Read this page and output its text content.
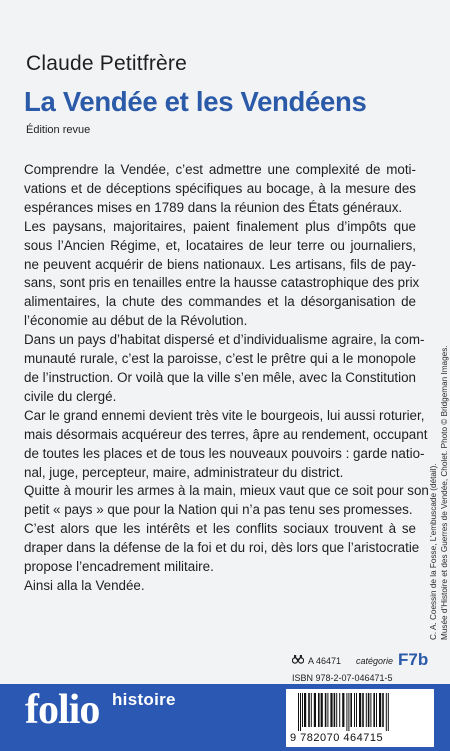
Claude Petitfrère
La Vendée et les Vendéens
Édition revue
Comprendre la Vendée, c’est admettre une complexité de moti-
vations et de déceptions spécifiques au bocage, à la mesure des
espérances mises en 1789 dans la réunion des États généraux.
Les paysans, majoritaires, paient finalement plus d’impôts que
sous l’Ancien Régime, et, locataires de leur terre ou journaliers,
ne peuvent acquérir de biens nationaux. Les artisans, fils de pay-
sans, sont pris en tenailles entre la hausse catastrophique des prix
alimentaires, la chute des commandes et la désorganisation de
l’économie au début de la Révolution.
Dans un pays d’habitat dispersé et d’individualisme agraire, la com-
munauté rurale, c’est la paroisse, c’est le prêtre qui a le monopole
de l’instruction. Or voilà que la ville s’en mêle, avec la Constitution
civile du clergé.
Car le grand ennemi devient très vite le bourgeois, lui aussi roturier,
mais désormais acquéreur des terres, âpre au rendement, occupant
de toutes les places et de tous les nouveaux pouvoirs : garde natio-
nal, juge, percepteur, maire, administrateur du district.
Quitte à mourir les armes à la main, mieux vaut que ce soit pour son
petit « pays » que pour la Nation qui n’a pas tenu ses promesses.
C’est alors que les intérêts et les conflits sociaux trouvent à se
draper dans la défense de la foi et du roi, dès lors que l’aristocratie
propose l’encadrement militaire.
Ainsi alla la Vendée.	C. A. Coessin de la Fosse, L’embuscade (détail). Musée d’Histoire et des Guerres de Vendée, Cholet. Photo © Bridgeman Images.
A 46471 catégorie F7b
ISBN 978-2-07-046471-5
folio histoire
9 782070 464715
